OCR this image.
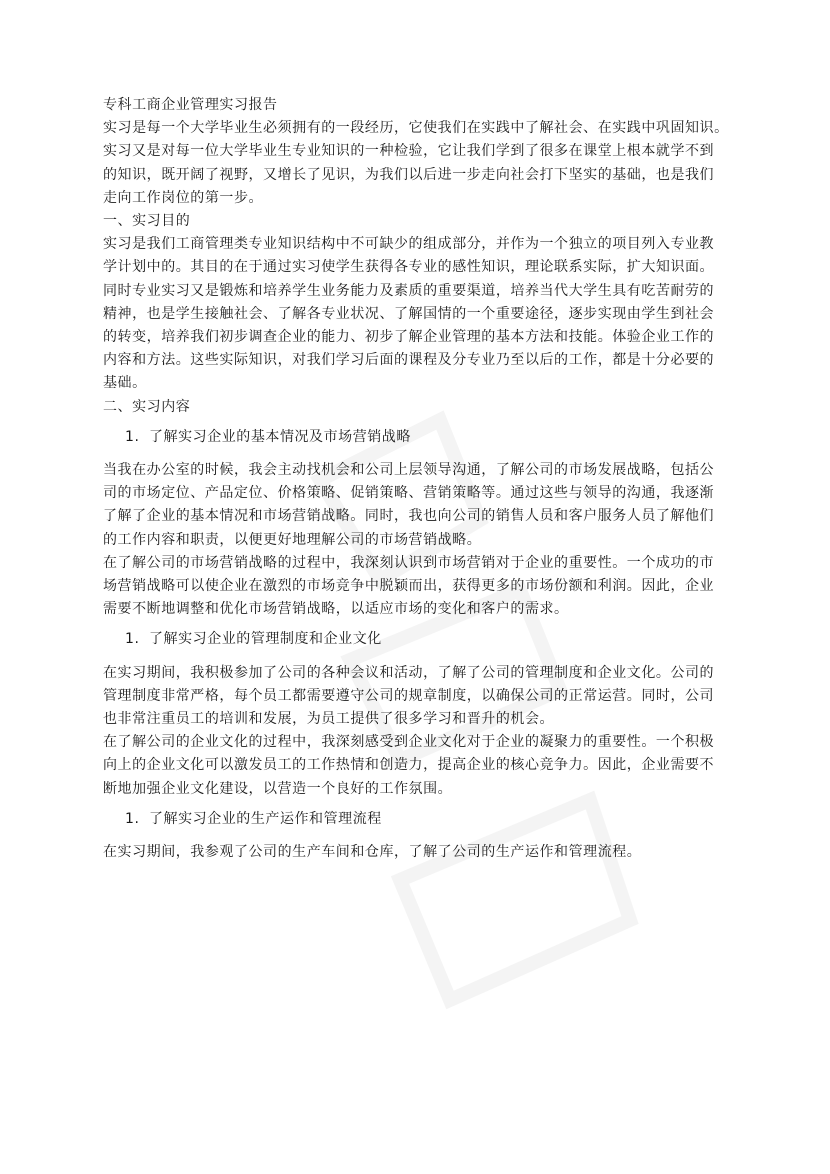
专科工商企业管理实习报告

实习是每一个大学毕业生必须拥有的一段经历，它使我们在实践中了解社会、在实践中巩固知识。

实习又是对每一位大学毕业生专业知识的一种检验，它让我们学到了很多在课堂上根本就学不到

的知识，既开阔了视野，又增长了见识，为我们以后进一步走向社会打下坚实的基础，也是我们

走向工作岗位的第一步。

一、实习目的

实习是我们工商管理类专业知识结构中不可缺少的组成部分，并作为一个独立的项目列入专业教

学计划中的。其目的在于通过实习使学生获得各专业的感性知识，理论联系实际，扩大知识面。

同时专业实习又是锻炼和培养学生业务能力及素质的重要渠道，培养当代大学生具有吃苦耐劳的

精神，也是学生接触社会、了解各专业状况、了解国情的一个重要途径，逐步实现由学生到社会

的转变，培养我们初步调查企业的能力、初步了解企业管理的基本方法和技能。体验企业工作的

内容和方法。这些实际知识，对我们学习后面的课程及分专业乃至以后的工作，都是十分必要的

基础。

二、实习内容

1. 了解实习企业的基本情况及市场营销战略

当我在办公室的时候，我会主动找机会和公司上层领导沟通，了解公司的市场发展战略，包括公

司的市场定位、产品定位、价格策略、促销策略、营销策略等。通过这些与领导的沟通，我逐渐

了解了企业的基本情况和市场营销战略。同时，我也向公司的销售人员和客户服务人员了解他们

的工作内容和职责，以便更好地理解公司的市场营销战略。

在了解公司的市场营销战略的过程中，我深刻认识到市场营销对于企业的重要性。一个成功的市

场营销战略可以使企业在激烈的市场竞争中脱颖而出，获得更多的市场份额和利润。因此，企业

需要不断地调整和优化市场营销战略，以适应市场的变化和客户的需求。

1. 了解实习企业的管理制度和企业文化

在实习期间，我积极参加了公司的各种会议和活动，了解了公司的管理制度和企业文化。公司的

管理制度非常严格，每个员工都需要遵守公司的规章制度，以确保公司的正常运营。同时，公司

也非常注重员工的培训和发展，为员工提供了很多学习和晋升的机会。

在了解公司的企业文化的过程中，我深刻感受到企业文化对于企业的凝聚力的重要性。一个积极

向上的企业文化可以激发员工的工作热情和创造力，提高企业的核心竞争力。因此，企业需要不

断地加强企业文化建设，以营造一个良好的工作氛围。

1. 了解实习企业的生产运作和管理流程

在实习期间，我参观了公司的生产车间和仓库，了解了公司的生产运作和管理流程。
